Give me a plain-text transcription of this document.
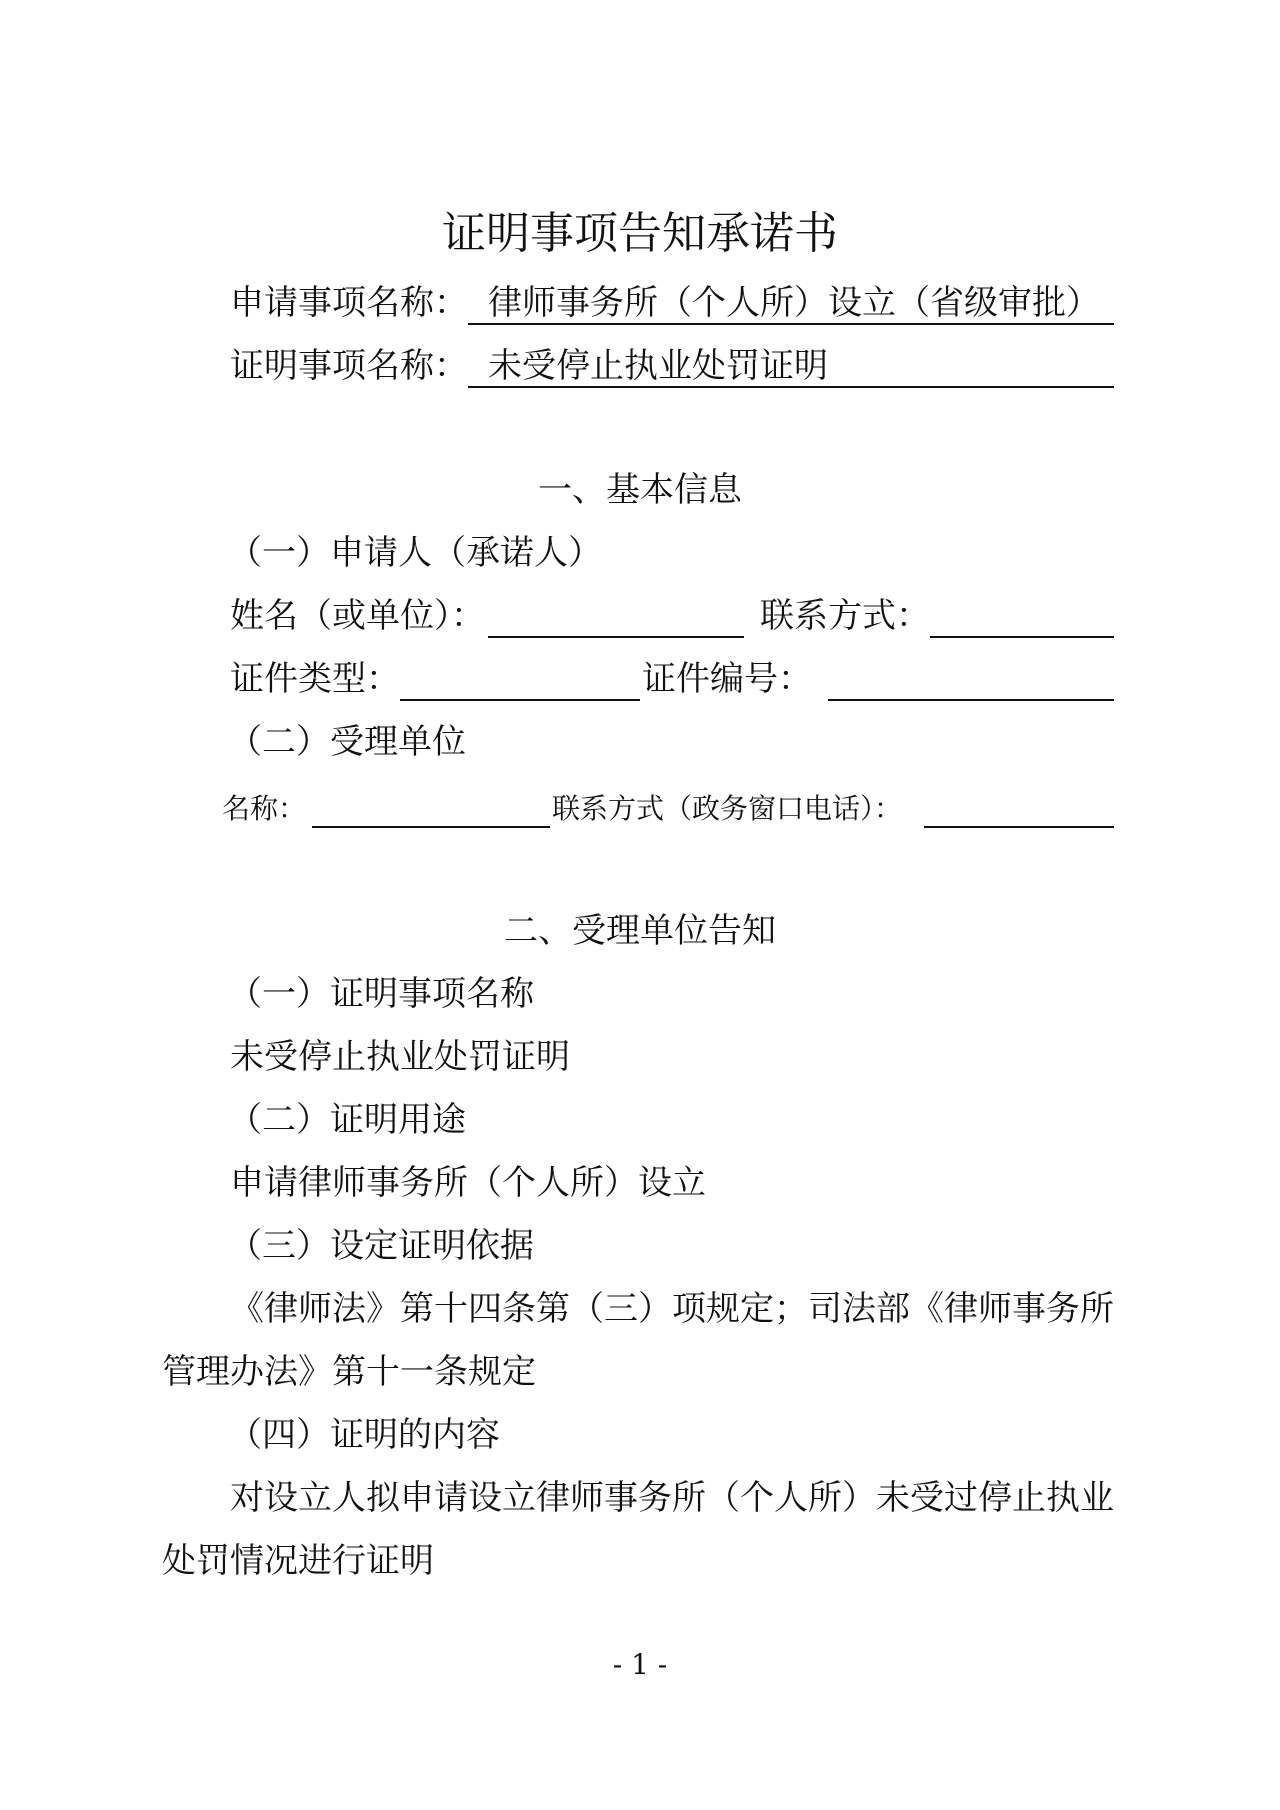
证明事项告知承诺书
申请事项名称： 律师事务所（个人所）设立（省级审批）
证明事项名称： 未受停止执业处罚证明
一、基本信息
（一）申请人（承诺人）
姓名（或单位）：	联系方式：
证件类型：	证件编号：
（二）受理单位
名称：	联系方式（政务窗口电话）：
二、受理单位告知
（一）证明事项名称
未受停止执业处罚证明
（二）证明用途
申请律师事务所（个人所）设立
（三）设定证明依据
《律师法》第十四条第（三）项规定；司法部《律师事务所
管理办法》第十一条规定
（四）证明的内容
对设立人拟申请设立律师事务所（个人所）未受过停止执业
处罚情况进行证明
- 1 -
